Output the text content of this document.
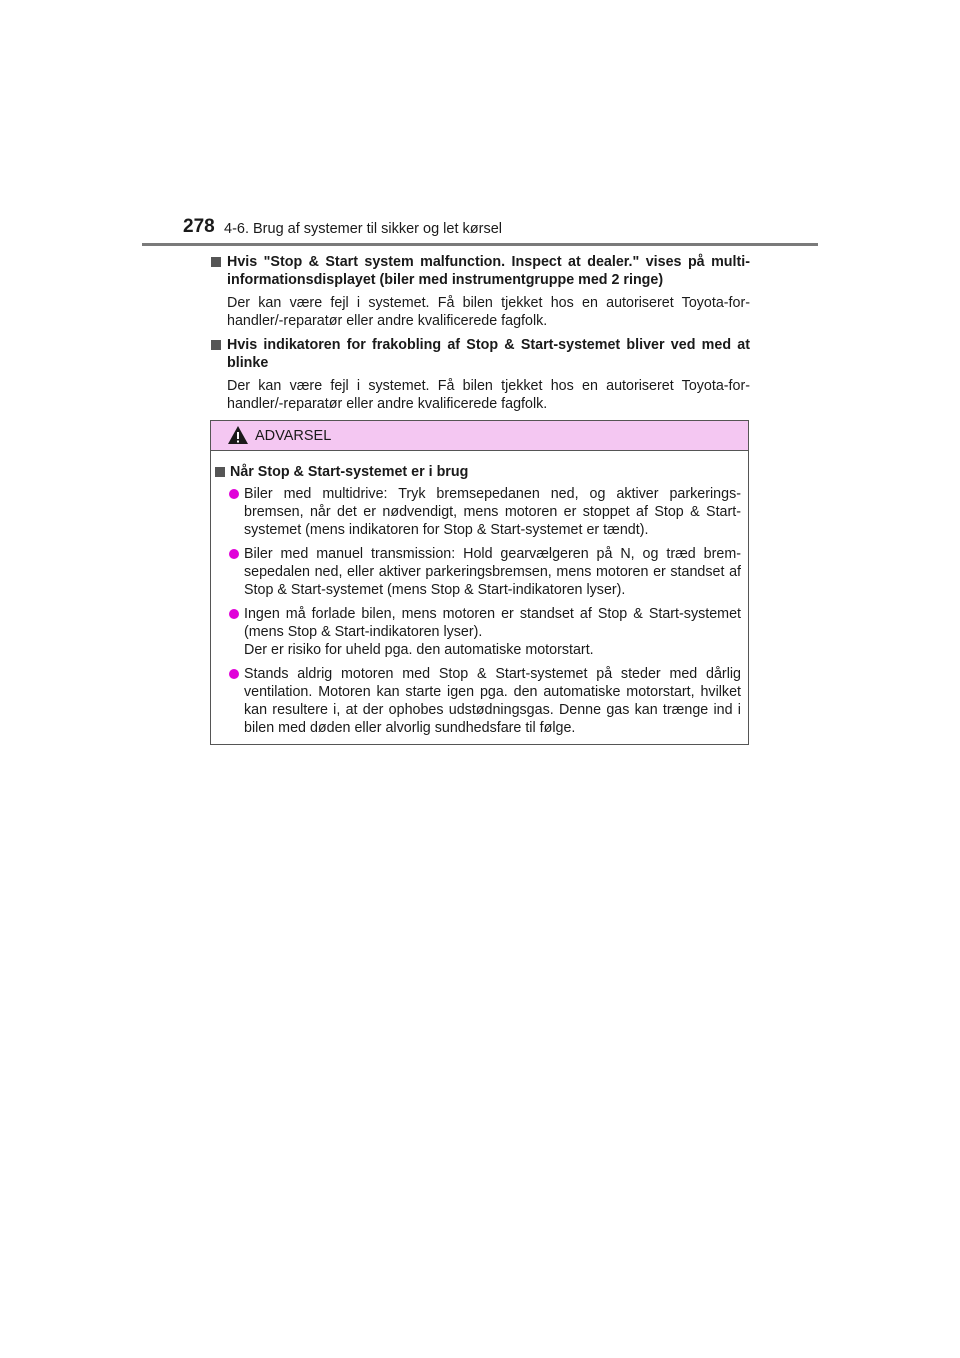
278 4-6. Brug af systemer til sikker og let kørsel
Hvis "Stop & Start system malfunction. Inspect at dealer." vises på multi-informationsdisplayet (biler med instrumentgruppe med 2 ringe)
Der kan være fejl i systemet. Få bilen tjekket hos en autoriseret Toyota-for-handler/-reparatør eller andre kvalificerede fagfolk.
Hvis indikatoren for frakobling af Stop & Start-systemet bliver ved med at blinke
Der kan være fejl i systemet. Få bilen tjekket hos en autoriseret Toyota-for-handler/-reparatør eller andre kvalificerede fagfolk.
ADVARSEL
Når Stop & Start-systemet er i brug
Biler med multidrive: Tryk bremsepedanen ned, og aktiver parkerings-bremsen, når det er nødvendigt, mens motoren er stoppet af Stop & Start-systemet (mens indikatoren for Stop & Start-systemet er tændt).
Biler med manuel transmission: Hold gearvælgeren på N, og træd brem-sepedalen ned, eller aktiver parkeringsbremsen, mens motoren er standset af Stop & Start-systemet (mens Stop & Start-indikatoren lyser).
Ingen må forlade bilen, mens motoren er standset af Stop & Start-systemet (mens Stop & Start-indikatoren lyser).
Der er risiko for uheld pga. den automatiske motorstart.
Stands aldrig motoren med Stop & Start-systemet på steder med dårlig ventilation. Motoren kan starte igen pga. den automatiske motorstart, hvilket kan resultere i, at der ophobes udstødningsgas. Denne gas kan trænge ind i bilen med døden eller alvorlig sundhedsfare til følge.
